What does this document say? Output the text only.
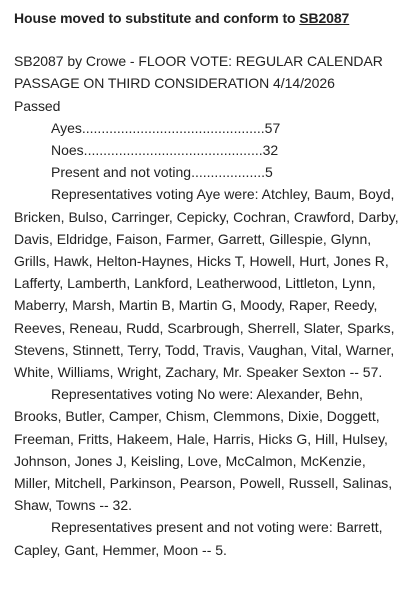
House moved to substitute and conform to SB2087

SB2087 by Crowe - FLOOR VOTE: REGULAR CALENDAR
PASSAGE ON THIRD CONSIDERATION 4/14/2026
Passed

Ayes...............................................57

Noes..............................................32

Present and not voting...................5

Representatives voting Aye were: Atchley, Baum, Boyd, Bricken, Bulso, Carringer, Cepicky, Cochran, Crawford, Darby, Davis, Eldridge, Faison, Farmer, Garrett, Gillespie, Glynn, Grills, Hawk, Helton-Haynes, Hicks T, Howell, Hurt, Jones R, Lafferty, Lamberth, Lankford, Leatherwood, Littleton, Lynn, Maberry, Marsh, Martin B, Martin G, Moody, Raper, Reedy, Reeves, Reneau, Rudd, Scarbrough, Sherrell, Slater, Sparks, Stevens, Stinnett, Terry, Todd, Travis, Vaughan, Vital, Warner, White, Williams, Wright, Zachary, Mr. Speaker Sexton -- 57.

Representatives voting No were: Alexander, Behn, Brooks, Butler, Camper, Chism, Clemmons, Dixie, Doggett, Freeman, Fritts, Hakeem, Hale, Harris, Hicks G, Hill, Hulsey, Johnson, Jones J, Keisling, Love, McCalmon, McKenzie, Miller, Mitchell, Parkinson, Pearson, Powell, Russell, Salinas, Shaw, Towns -- 32.

Representatives present and not voting were: Barrett, Capley, Gant, Hemmer, Moon -- 5.
